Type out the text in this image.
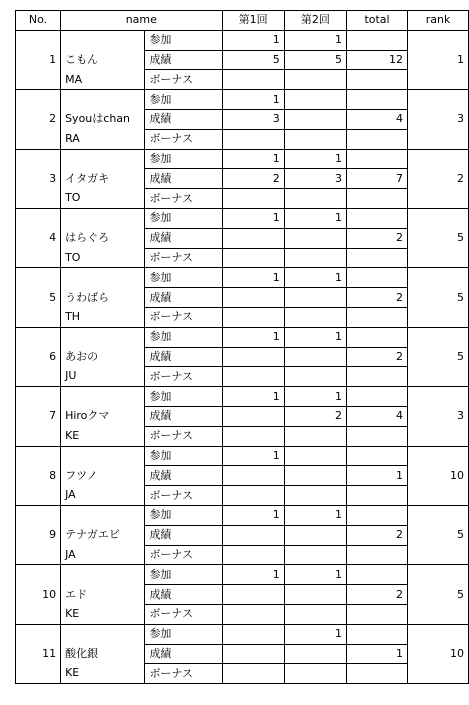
No.	name		第1回	第2回	total	rank
1		参加	1	1		1
	こもん	成績	5	5	12	
	MA	ボーナス				
2		参加	1			3
	Syouはchan	成績	3		4	
	RA	ボーナス				
3		参加	1	1		2
	イタガキ	成績	2	3	7	
	TO	ボーナス				
4		参加	1	1		5
	はらぐろ	成績			2	
	TO	ボーナス				
5		参加	1	1		5
	うわばら	成績			2	
	TH	ボーナス				
6		参加	1	1		5
	あおの	成績			2	
	JU	ボーナス				
7		参加	1	1		3
	Hiroクマ	成績		2	4	
	KE	ボーナス				
8		参加	1			10
	フツノ	成績			1	
	JA	ボーナス				
9		参加	1	1		5
	テナガエビ	成績			2	
	JA	ボーナス				
10		参加	1	1		5
	エド	成績			2	
	KE	ボーナス				
11		参加		1		10
	酸化銀	成績			1	
	KE	ボーナス				
